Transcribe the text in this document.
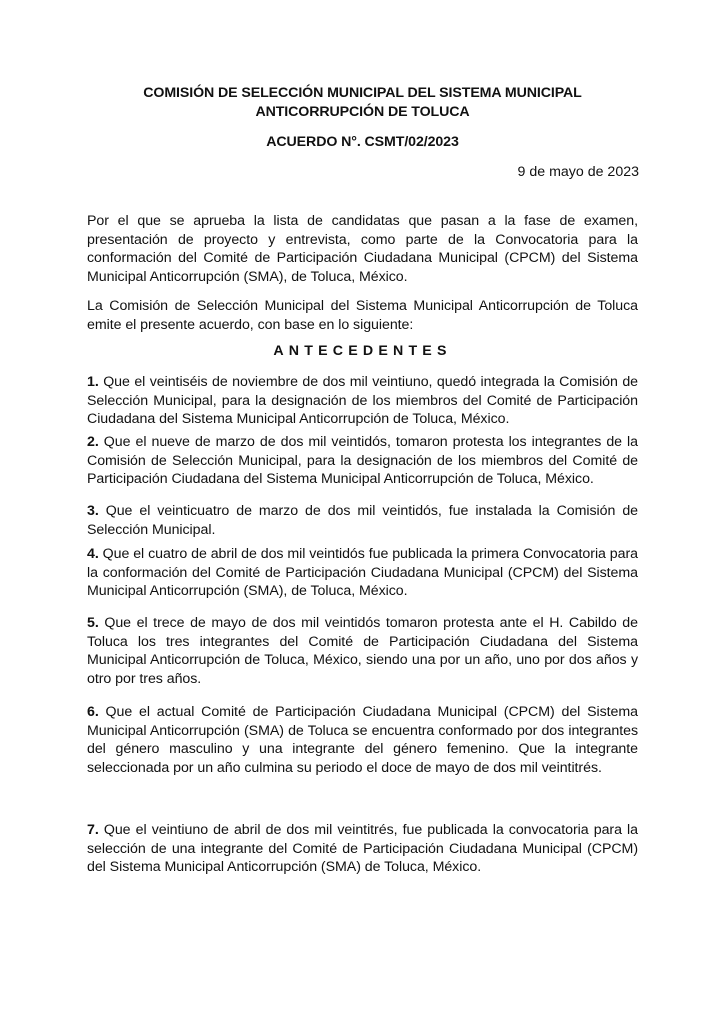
COMISIÓN DE SELECCIÓN MUNICIPAL DEL SISTEMA MUNICIPAL ANTICORRUPCIÓN DE TOLUCA
ACUERDO N°. CSMT/02/2023
9 de mayo de 2023
Por el que se aprueba la lista de candidatas que pasan a la fase de examen, presentación de proyecto y entrevista, como parte de la Convocatoria para la conformación del Comité de Participación Ciudadana Municipal (CPCM) del Sistema Municipal Anticorrupción (SMA), de Toluca, México.
La Comisión de Selección Municipal del Sistema Municipal Anticorrupción de Toluca emite el presente acuerdo, con base en lo siguiente:
ANTECEDENTES
1. Que el veintiséis de noviembre de dos mil veintiuno, quedó integrada la Comisión de Selección Municipal, para la designación de los miembros del Comité de Participación Ciudadana del Sistema Municipal Anticorrupción de Toluca, México.
2. Que el nueve de marzo de dos mil veintidós, tomaron protesta los integrantes de la Comisión de Selección Municipal, para la designación de los miembros del Comité de Participación Ciudadana del Sistema Municipal Anticorrupción de Toluca, México.
3. Que el veinticuatro de marzo de dos mil veintidós, fue instalada la Comisión de Selección Municipal.
4. Que el cuatro de abril de dos mil veintidós fue publicada la primera Convocatoria para la conformación del Comité de Participación Ciudadana Municipal (CPCM) del Sistema Municipal Anticorrupción (SMA), de Toluca, México.
5. Que el trece de mayo de dos mil veintidós tomaron protesta ante el H. Cabildo de Toluca los tres integrantes del Comité de Participación Ciudadana del Sistema Municipal Anticorrupción de Toluca, México, siendo una por un año, uno por dos años y otro por tres años.
6. Que el actual Comité de Participación Ciudadana Municipal (CPCM) del Sistema Municipal Anticorrupción (SMA) de Toluca se encuentra conformado por dos integrantes del género masculino y una integrante del género femenino. Que la integrante seleccionada por un año culmina su periodo el doce de mayo de dos mil veintitrés.
7. Que el veintiuno de abril de dos mil veintitrés, fue publicada la convocatoria para la selección de una integrante del Comité de Participación Ciudadana Municipal (CPCM) del Sistema Municipal Anticorrupción (SMA) de Toluca, México.
